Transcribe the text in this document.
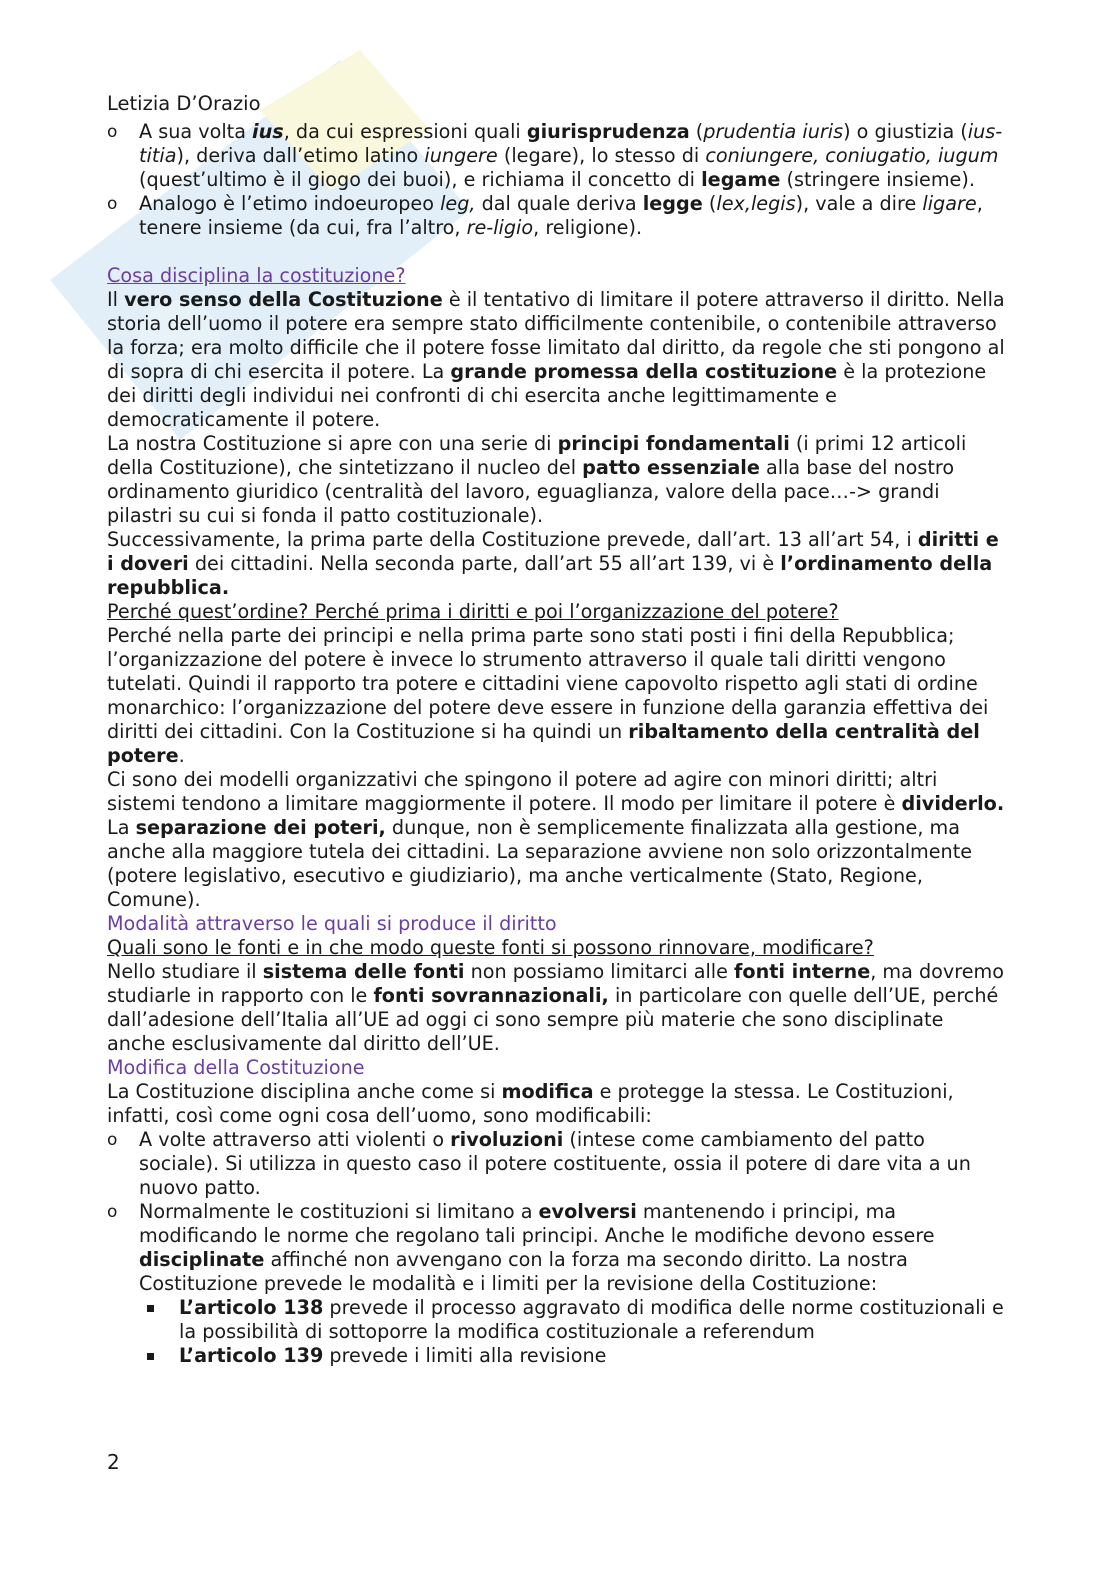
Letizia D’Orazio

o A sua volta ius, da cui espressioni quali giurisprudenza (prudentia iuris) o giustizia (ius-titia), deriva dall’etimo latino iungere (legare), lo stesso di coniungere, coniugatio, iugum (quest’ultimo è il giogo dei buoi), e richiama il concetto di legame (stringere insieme).
o Analogo è l’etimo indoeuropeo leg, dal quale deriva legge (lex,legis), vale a dire ligare, tenere insieme (da cui, fra l’altro, re-ligio, religione).

Cosa disciplina la costituzione?

Il vero senso della Costituzione è il tentativo di limitare il potere attraverso il diritto. Nella storia dell’uomo il potere era sempre stato difficilmente contenibile, o contenibile attraverso la forza; era molto difficile che il potere fosse limitato dal diritto, da regole che sti pongono al di sopra di chi esercita il potere. La grande promessa della costituzione è la protezione dei diritti degli individui nei confronti di chi esercita anche legittimamente e democraticamente il potere.

La nostra Costituzione si apre con una serie di principi fondamentali (i primi 12 articoli della Costituzione), che sintetizzano il nucleo del patto essenziale alla base del nostro ordinamento giuridico (centralità del lavoro, eguaglianza, valore della pace…-> grandi pilastri su cui si fonda il patto costituzionale).

Successivamente, la prima parte della Costituzione prevede, dall’art. 13 all’art 54, i diritti e i doveri dei cittadini. Nella seconda parte, dall’art 55 all’art 139, vi è l’ordinamento della repubblica.

Perché quest’ordine? Perché prima i diritti e poi l’organizzazione del potere?

Perché nella parte dei principi e nella prima parte sono stati posti i fini della Repubblica; l’organizzazione del potere è invece lo strumento attraverso il quale tali diritti vengono tutelati. Quindi il rapporto tra potere e cittadini viene capovolto rispetto agli stati di ordine monarchico: l’organizzazione del potere deve essere in funzione della garanzia effettiva dei diritti dei cittadini. Con la Costituzione si ha quindi un ribaltamento della centralità del potere.

Ci sono dei modelli organizzativi che spingono il potere ad agire con minori diritti; altri sistemi tendono a limitare maggiormente il potere. Il modo per limitare il potere è dividerlo. La separazione dei poteri, dunque, non è semplicemente finalizzata alla gestione, ma anche alla maggiore tutela dei cittadini. La separazione avviene non solo orizzontalmente (potere legislativo, esecutivo e giudiziario), ma anche verticalmente (Stato, Regione, Comune).

Modalità attraverso le quali si produce il diritto

Quali sono le fonti e in che modo queste fonti si possono rinnovare, modificare?

Nello studiare il sistema delle fonti non possiamo limitarci alle fonti interne, ma dovremo studiarle in rapporto con le fonti sovrannazionali, in particolare con quelle dell’UE, perché dall’adesione dell’Italia all’UE ad oggi ci sono sempre più materie che sono disciplinate anche esclusivamente dal diritto dell’UE.

Modifica della Costituzione

La Costituzione disciplina anche come si modifica e protegge la stessa. Le Costituzioni, infatti, così come ogni cosa dell’uomo, sono modificabili:

o A volte attraverso atti violenti o rivoluzioni (intese come cambiamento del patto sociale). Si utilizza in questo caso il potere costituente, ossia il potere di dare vita a un nuovo patto.
o Normalmente le costituzioni si limitano a evolversi mantenendo i principi, ma modificando le norme che regolano tali principi. Anche le modifiche devono essere disciplinate affinché non avvengano con la forza ma secondo diritto. La nostra Costituzione prevede le modalità e i limiti per la revisione della Costituzione:
L’articolo 138 prevede il processo aggravato di modifica delle norme costituzionali e la possibilità di sottoporre la modifica costituzionale a referendum
L’articolo 139 prevede i limiti alla revisione
2
